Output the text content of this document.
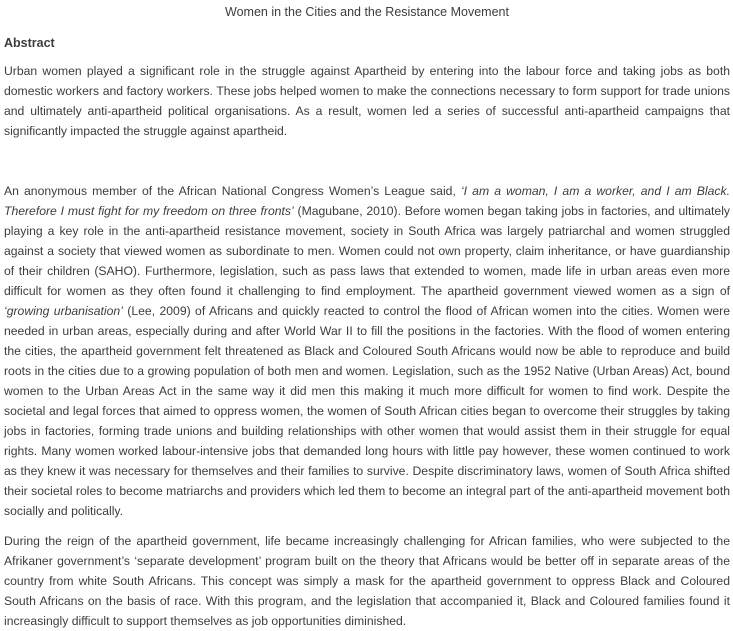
Women in the Cities and the Resistance Movement
Abstract

Urban women played a significant role in the struggle against Apartheid by entering into the labour force and taking jobs as both domestic workers and factory workers. These jobs helped women to make the connections necessary to form support for trade unions and ultimately anti-apartheid political organisations. As a result, women led a series of successful anti-apartheid campaigns that significantly impacted the struggle against apartheid.

An anonymous member of the African National Congress Women’s League said, ‘I am a woman, I am a worker, and I am Black. Therefore I must fight for my freedom on three fronts’ (Magubane, 2010). Before women began taking jobs in factories, and ultimately playing a key role in the anti-apartheid resistance movement, society in South Africa was largely patriarchal and women struggled against a society that viewed women as subordinate to men. Women could not own property, claim inheritance, or have guardianship of their children (SAHO). Furthermore, legislation, such as pass laws that extended to women, made life in urban areas even more difficult for women as they often found it challenging to find employment. The apartheid government viewed women as a sign of ‘growing urbanisation’ (Lee, 2009) of Africans and quickly reacted to control the flood of African women into the cities. Women were needed in urban areas, especially during and after World War II to fill the positions in the factories. With the flood of women entering the cities, the apartheid government felt threatened as Black and Coloured South Africans would now be able to reproduce and build roots in the cities due to a growing population of both men and women. Legislation, such as the 1952 Native (Urban Areas) Act, bound women to the Urban Areas Act in the same way it did men this making it much more difficult for women to find work. Despite the societal and legal forces that aimed to oppress women, the women of South African cities began to overcome their struggles by taking jobs in factories, forming trade unions and building relationships with other women that would assist them in their struggle for equal rights. Many women worked labour-intensive jobs that demanded long hours with little pay however, these women continued to work as they knew it was necessary for themselves and their families to survive. Despite discriminatory laws, women of South Africa shifted their societal roles to become matriarchs and providers which led them to become an integral part of the anti-apartheid movement both socially and politically.

During the reign of the apartheid government, life became increasingly challenging for African families, who were subjected to the Afrikaner government’s ‘separate development’ program built on the theory that Africans would be better off in separate areas of the country from white South Africans. This concept was simply a mask for the apartheid government to oppress Black and Coloured South Africans on the basis of race. With this program, and the legislation that accompanied it, Black and Coloured families found it increasingly difficult to support themselves as job opportunities diminished.
